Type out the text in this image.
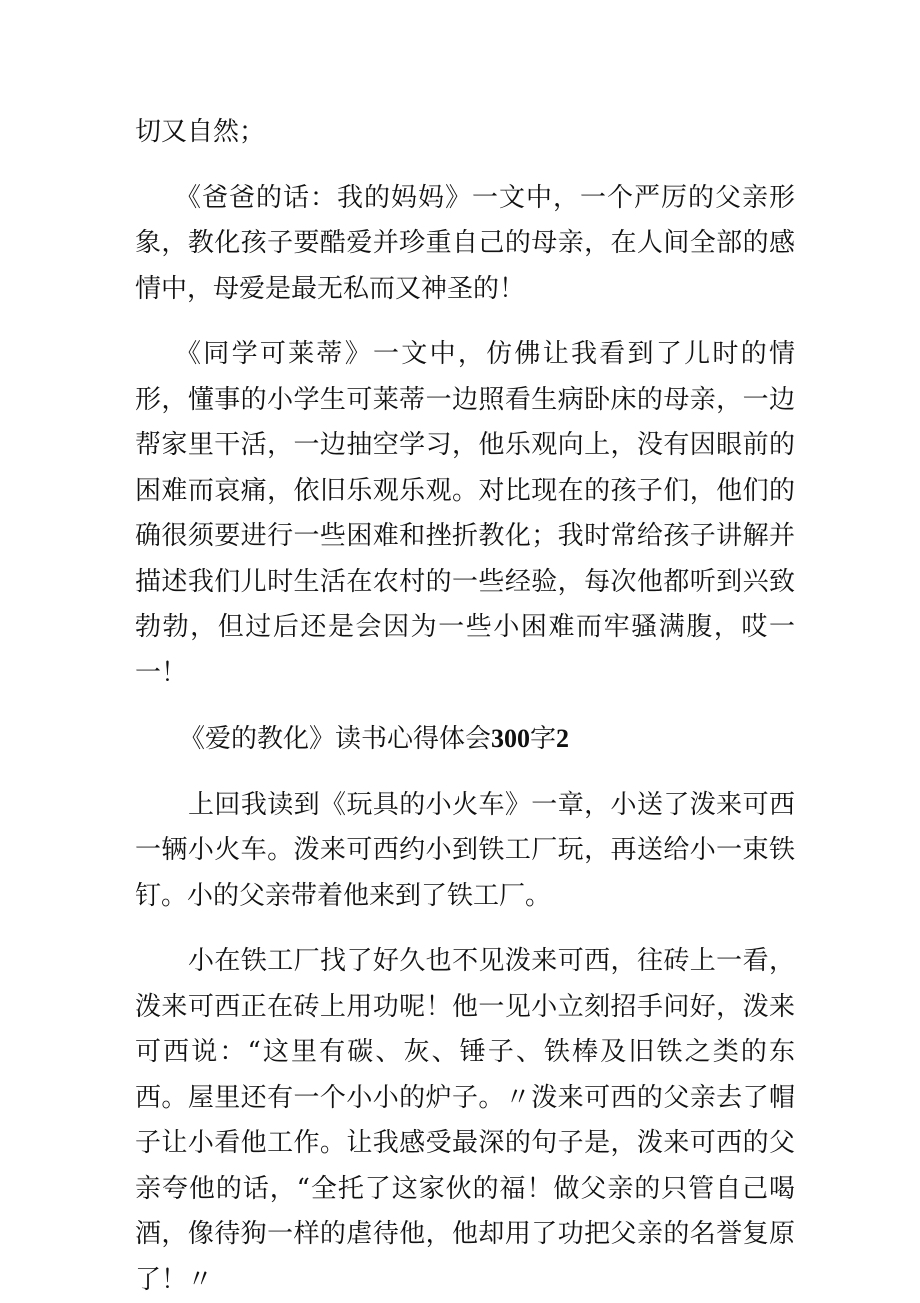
切又自然；

《爸爸的话：我的妈妈》一文中，一个严厉的父亲形象，教化孩子要酷爱并珍重自己的母亲，在人间全部的感情中，母爱是最无私而又神圣的！

《同学可莱蒂》一文中，仿佛让我看到了儿时的情形，懂事的小学生可莱蒂一边照看生病卧床的母亲，一边帮家里干活，一边抽空学习，他乐观向上，没有因眼前的困难而哀痛，依旧乐观乐观。对比现在的孩子们，他们的确很须要进行一些困难和挫折教化；我时常给孩子讲解并描述我们儿时生活在农村的一些经验，每次他都听到兴致勃勃，但过后还是会因为一些小困难而牢骚满腹，哎一一！

《爱的教化》读书心得体会300字2

上回我读到《玩具的小火车》一章，小送了泼来可西一辆小火车。泼来可西约小到铁工厂玩，再送给小一束铁钉。小的父亲带着他来到了铁工厂。

小在铁工厂找了好久也不见泼来可西，往砖上一看，泼来可西正在砖上用功呢！他一见小立刻招手问好，泼来可西说：“这里有碳、灰、锤子、铁棒及旧铁之类的东西。屋里还有一个小小的炉子。〃泼来可西的父亲去了帽子让小看他工作。让我感受最深的句子是，泼来可西的父亲夸他的话，“全托了这家伙的福！做父亲的只管自己喝酒，像待狗一样的虐待他，他却用了功把父亲的名誉复原了！〃
